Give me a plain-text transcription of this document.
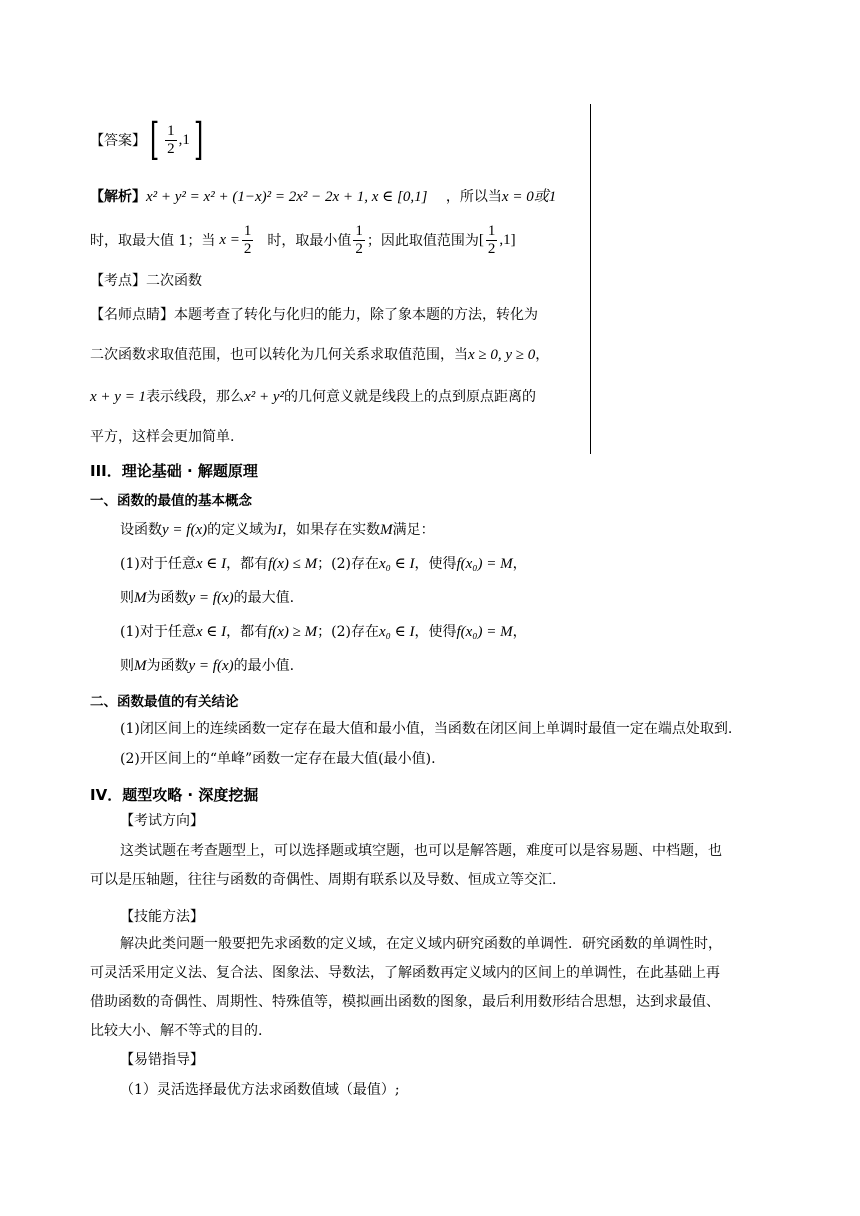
【答案】 [ $\frac{1}{2} ,1$ ]
【解析】x² + y² = x² + (1−x)² = 2x² − 2x + 1, x ∈ [0,1] ，所以当x = 0或1
时，取最大值 1；当 $x = \frac{1}{2}$ 时，取最小值 $\frac{1}{2}$ ；因此取值范围为 [ $\frac{1}{2} ,1$]
【考点】二次函数
【名师点睛】本题考查了转化与化归的能力，除了象本题的方法，转化为
二次函数求取值范围，也可以转化为几何关系求取值范围，当x ≥ 0, y ≥ 0，
x + y = 1表示线段，那么x² + y²的几何意义就是线段上的点到原点距离的
平方，这样会更加简单.
III．理论基础 · 解题原理
一、函数的最值的基本概念
设函数y = f(x)的定义域为I，如果存在实数M满足：
(1)对于任意x ∈ I，都有f(x) ≤ M；(2)存在x₀ ∈ I，使得f(x₀) = M，
则M为函数y = f(x)的最大值.
(1)对于任意x ∈ I，都有f(x) ≥ M；(2)存在x₀ ∈ I，使得f(x₀) = M，
则M为函数y = f(x)的最小值.
二、函数最值的有关结论
(1)闭区间上的连续函数一定存在最大值和最小值，当函数在闭区间上单调时最值一定在端点处取到.
(2)开区间上的“单峰”函数一定存在最大值(最小值).
IV．题型攻略 · 深度挖掘
【考试方向】
这类试题在考查题型上，可以选择题或填空题，也可以是解答题，难度可以是容易题、中档题，也
可以是压轴题，往往与函数的奇偶性、周期有联系以及导数、恒成立等交汇.
【技能方法】
解决此类问题一般要把先求函数的定义域，在定义域内研究函数的单调性．研究函数的单调性时，
可灵活采用定义法、复合法、图象法、导数法，了解函数再定义域内的区间上的单调性，在此基础上再
借助函数的奇偶性、周期性、特殊值等，模拟画出函数的图象，最后利用数形结合思想，达到求最值、
比较大小、解不等式的目的.
【易错指导】
（1）灵活选择最优方法求函数值域（最值）;
